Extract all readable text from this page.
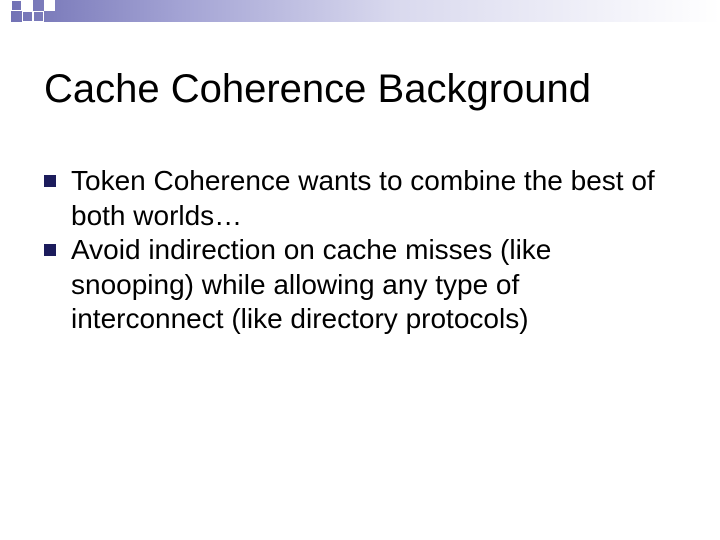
Cache Coherence Background
Token Coherence wants to combine the best of both worlds…
Avoid indirection on cache misses (like snooping) while allowing any type of interconnect (like directory protocols)
